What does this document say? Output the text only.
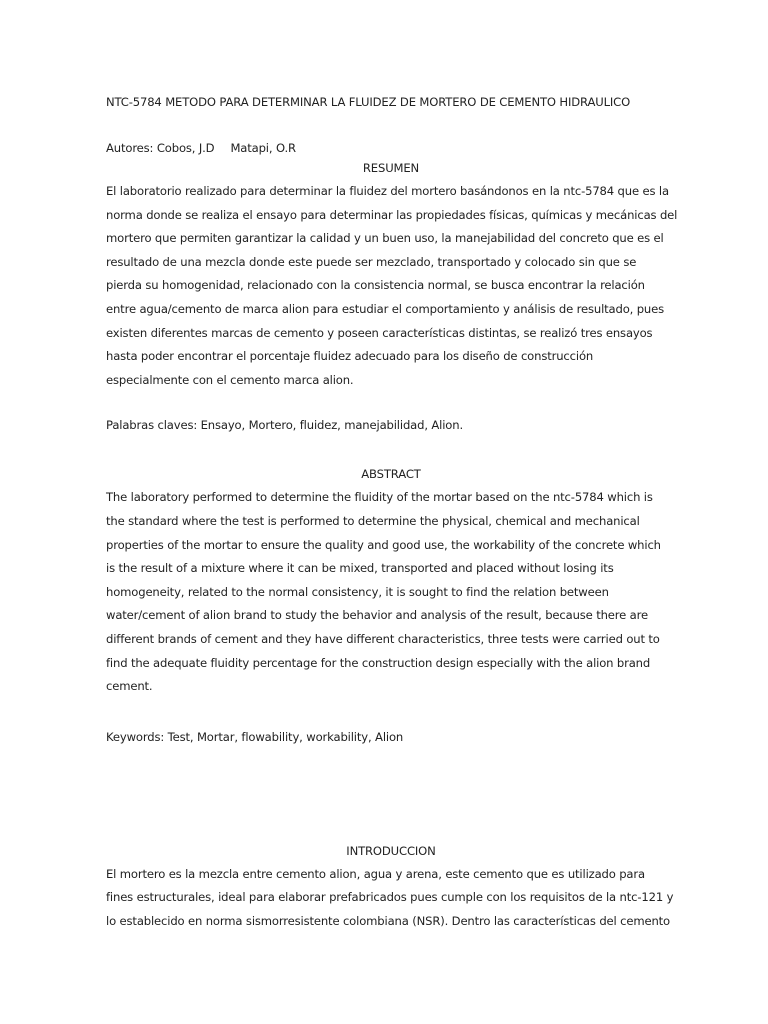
NTC-5784 METODO PARA DETERMINAR LA FLUIDEZ DE MORTERO DE CEMENTO HIDRAULICO

Autores: Cobos, J.D Matapi, O.R

RESUMEN

El laboratorio realizado para determinar la fluidez del mortero basándonos en la ntc-5784 que es la
norma donde se realiza el ensayo para determinar las propiedades físicas, químicas y mecánicas del
mortero que permiten garantizar la calidad y un buen uso, la manejabilidad del concreto que es el
resultado de una mezcla donde este puede ser mezclado, transportado y colocado sin que se
pierda su homogenidad, relacionado con la consistencia normal, se busca encontrar la relación
entre agua/cemento de marca alion para estudiar el comportamiento y análisis de resultado, pues
existen diferentes marcas de cemento y poseen características distintas, se realizó tres ensayos
hasta poder encontrar el porcentaje fluidez adecuado para los diseño de construcción
especialmente con el cemento marca alion.

Palabras claves: Ensayo, Mortero, fluidez, manejabilidad, Alion.

ABSTRACT

The laboratory performed to determine the fluidity of the mortar based on the ntc-5784 which is
the standard where the test is performed to determine the physical, chemical and mechanical
properties of the mortar to ensure the quality and good use, the workability of the concrete which
is the result of a mixture where it can be mixed, transported and placed without losing its
homogeneity, related to the normal consistency, it is sought to find the relation between
water/cement of alion brand to study the behavior and analysis of the result, because there are
different brands of cement and they have different characteristics, three tests were carried out to
find the adequate fluidity percentage for the construction design especially with the alion brand
cement.

Keywords: Test, Mortar, flowability, workability, Alion

INTRODUCCION

El mortero es la mezcla entre cemento alion, agua y arena, este cemento que es utilizado para
fines estructurales, ideal para elaborar prefabricados pues cumple con los requisitos de la ntc-121 y
lo establecido en norma sismorresistente colombiana (NSR). Dentro las características del cemento
